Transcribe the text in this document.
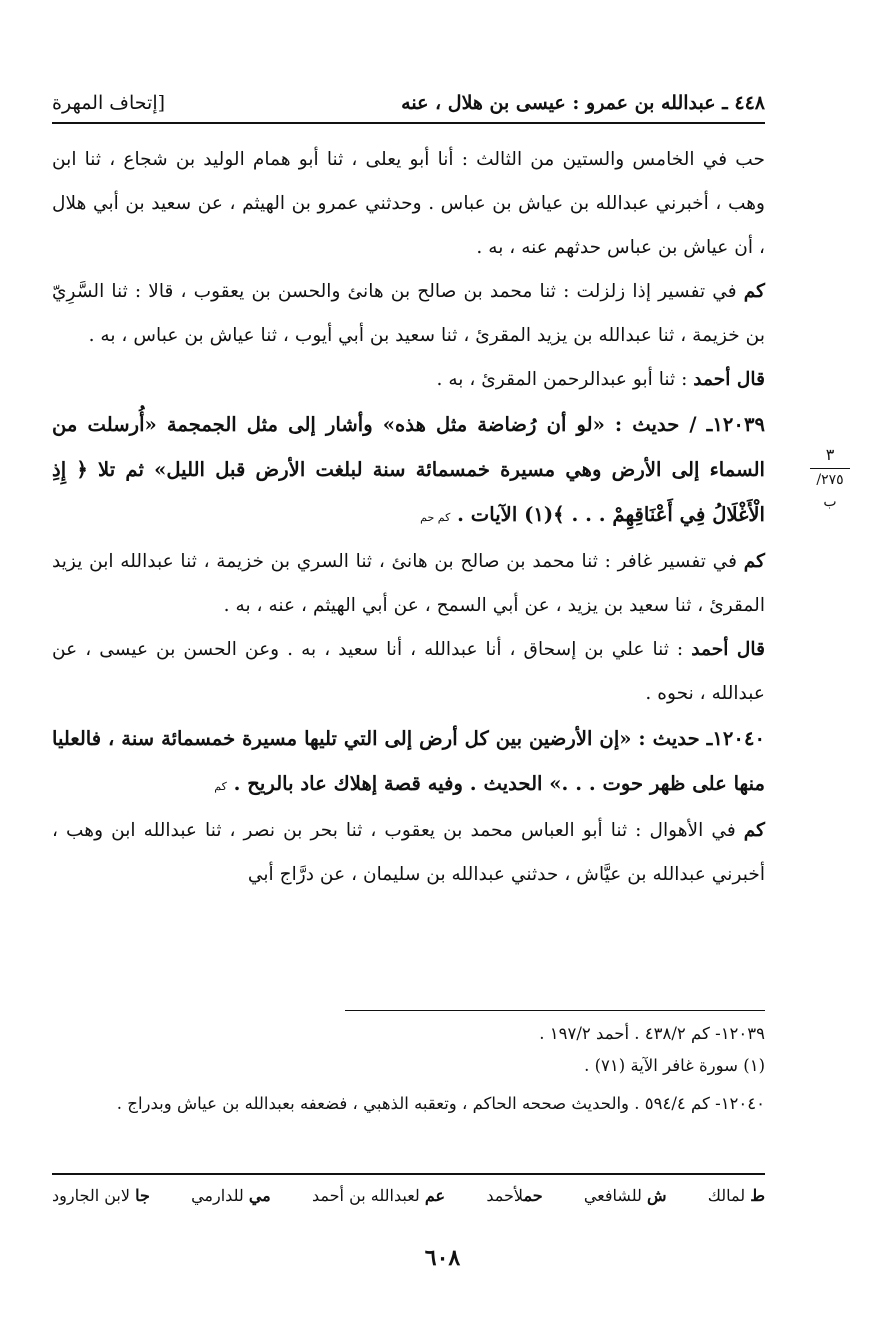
٤٤٨ ـ عبدالله بن عمرو : عيسى بن هلال ، عنه
[إتحاف المهرة
٣
٢٧٥/ب

حب في الخامس والستين من الثالث : أنا أبو يعلى ، ثنا أبو همام الوليد بن شجاع ، ثنا ابن وهب ، أخبرني عبدالله بن عياش بن عباس . وحدثني عمرو بن الهيثم ، عن سعيد بن أبي هلال ، أن عياش بن عباس حدثهم عنه ، به .

كم في تفسير إذا زلزلت : ثنا محمد بن صالح بن هانئ والحسن بن يعقوب ، قالا : ثنا السَّرِيّ بن خزيمة ، ثنا عبدالله بن يزيد المقرئ ، ثنا سعيد بن أبي أيوب ، ثنا عياش بن عباس ، به .

قال أحمد : ثنا أبو عبدالرحمن المقرئ ، به .

١٢٠٣٩ـ / حديث : «لو أن رُضاضة مثل هذه» وأشار إلى مثل الجمجمة «أُرسلت من السماء إلى الأرض وهي مسيرة خمسمائة سنة لبلغت الأرض قبل الليل» ثم تلا ﴿ إِذِ الْأَغْلَالُ فِي أَعْنَاقِهِمْ . . . ﴾(١) الآيات . كم حم

كم في تفسير غافر : ثنا محمد بن صالح بن هانئ ، ثنا السري بن خزيمة ، ثنا عبدالله ابن يزيد المقرئ ، ثنا سعيد بن يزيد ، عن أبي السمح ، عن أبي الهيثم ، عنه ، به .

قال أحمد : ثنا علي بن إسحاق ، أنا عبدالله ، أنا سعيد ، به . وعن الحسن بن عيسى ، عن عبدالله ، نحوه .

١٢٠٤٠ـ حديث : «إن الأرضين بين كل أرض إلى التي تليها مسيرة خمسمائة سنة ، فالعليا منها على ظهر حوت . . .» الحديث . وفيه قصة إهلاك عاد بالريح . كم

كم في الأهوال : ثنا أبو العباس محمد بن يعقوب ، ثنا بحر بن نصر ، ثنا عبدالله ابن وهب ، أخبرني عبدالله بن عيَّاش ، حدثني عبدالله بن سليمان ، عن درَّاج أبي

١٢٠٣٩- كم ٤٣٨/٢ . أحمد ١٩٧/٢ .

(١) سورة غافر الآية (٧١) .

١٢٠٤٠- كم ٥٩٤/٤ . والحديث صححه الحاكم ، وتعقبه الذهبي ، فضعفه بعبدالله بن عياش وبدراج .

ط لمالك
ش للشافعي
حملأحمد
عم لعبدالله بن أحمد
مي للدارمي
جا لابن الجارود
٦٠٨
